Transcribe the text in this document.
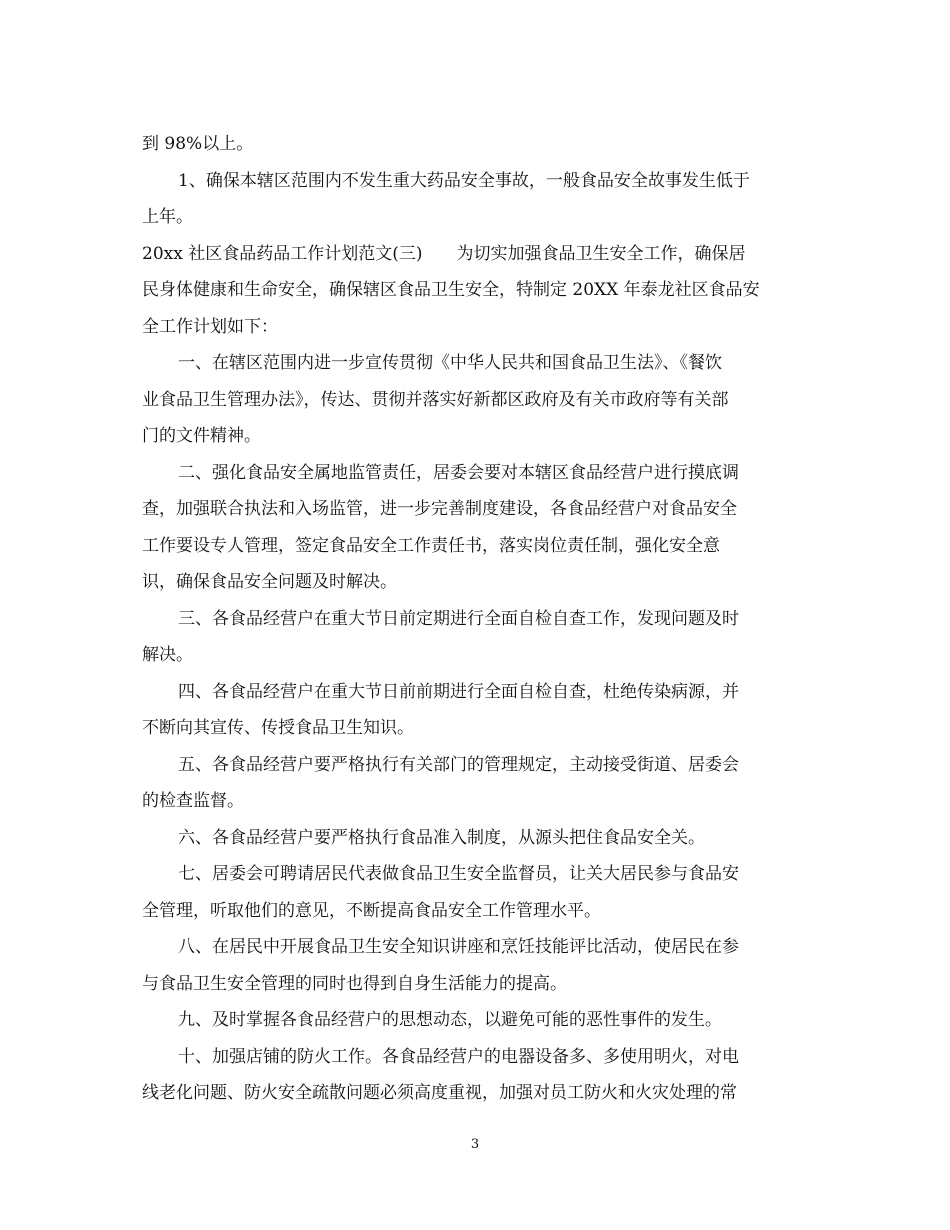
到 98%以上。
1、确保本辖区范围内不发生重大药品安全事故，一般食品安全故事发生低于
上年。
20xx 社区食品药品工作计划范文(三)　　为切实加强食品卫生安全工作，确保居
民身体健康和生命安全，确保辖区食品卫生安全，特制定 20XX 年泰龙社区食品安
全工作计划如下：
一、在辖区范围内进一步宣传贯彻《中华人民共和国食品卫生法》、《餐饮
业食品卫生管理办法》，传达、贯彻并落实好新都区政府及有关市政府等有关部
门的文件精神。
二、强化食品安全属地监管责任，居委会要对本辖区食品经营户进行摸底调
查，加强联合执法和入场监管，进一步完善制度建设，各食品经营户对食品安全
工作要设专人管理，签定食品安全工作责任书，落实岗位责任制，强化安全意
识，确保食品安全问题及时解决。
三、各食品经营户在重大节日前定期进行全面自检自查工作，发现问题及时
解决。
四、各食品经营户在重大节日前前期进行全面自检自查，杜绝传染病源，并
不断向其宣传、传授食品卫生知识。
五、各食品经营户要严格执行有关部门的管理规定，主动接受街道、居委会
的检查监督。
六、各食品经营户要严格执行食品准入制度，从源头把住食品安全关。
七、居委会可聘请居民代表做食品卫生安全监督员，让关大居民参与食品安
全管理，听取他们的意见，不断提高食品安全工作管理水平。
八、在居民中开展食品卫生安全知识讲座和烹饪技能评比活动，使居民在参
与食品卫生安全管理的同时也得到自身生活能力的提高。
九、及时掌握各食品经营户的思想动态，以避免可能的恶性事件的发生。
十、加强店铺的防火工作。各食品经营户的电器设备多、多使用明火，对电
线老化问题、防火安全疏散问题必须高度重视，加强对员工防火和火灾处理的常
3
